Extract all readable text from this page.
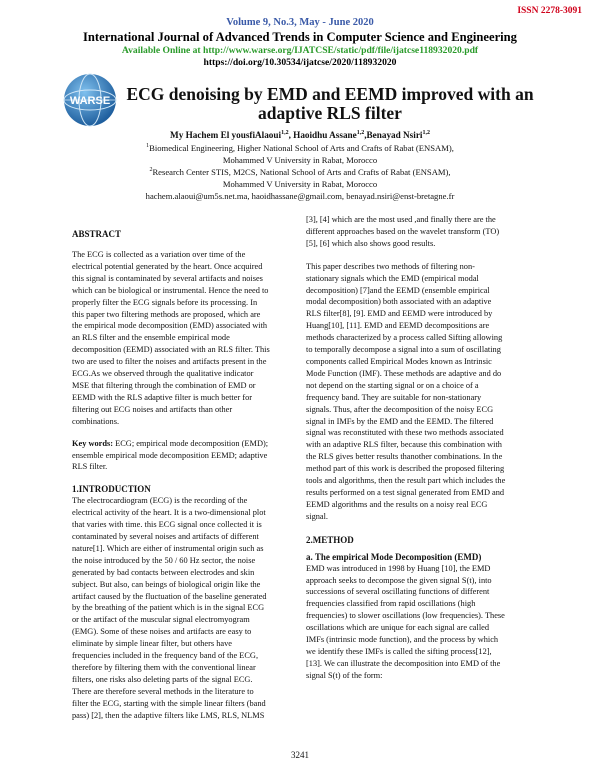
ISSN 2278-3091
Volume 9, No.3, May - June 2020
International Journal of Advanced Trends in Computer Science and Engineering
Available Online at http://www.warse.org/IJATCSE/static/pdf/file/ijatcse118932020.pdf
https://doi.org/10.30534/ijatcse/2020/118932020
WARSE ECG denoising by EMD and EEMD improved with an
adaptive RLS filter
My Hachem El yousfiAlaoui$^{1,2}$, Haoidhu Assane$^{1,2}$,Benayad Nsiri$^{1,2}$
$^1$Biomedical Engineering, Higher National School of Arts and Crafts of Rabat (ENSAM),
Mohammed V University in Rabat, Morocco
$^2$Research Center STIS, M2CS, National School of Arts and Crafts of Rabat (ENSAM),
Mohammed V University in Rabat, Morocco
hachem.alaoui@um5s.net.ma, haoidhassane@gmail.com, benayad.nsiri@enst-bretagne.fr
ABSTRACT
The ECG is collected as a variation over time of the
electrical potential generated by the heart. Once acquired
this signal is contaminated by several artifacts and noises
which can be biological or instrumental. Hence the need to
properly filter the ECG signals before its processing. In
this paper two filtering methods are proposed, which are
the empirical mode decomposition (EMD) associated with
an RLS filter and the ensemble empirical mode
decomposition (EEMD) associated with an RLS filter. This
two are used to filter the noises and artifacts present in the
ECG.As we observed through the qualitative indicator
MSE that filtering through the combination of EMD or
EEMD with the RLS adaptive filter is much better for
filtering out ECG noises and artifacts than other
combinations.
Key words: ECG; empirical mode decomposition (EMD);
ensemble empirical mode decomposition EEMD; adaptive
RLS filter.
1.INTRODUCTION
The electrocardiogram (ECG) is the recording of the
electrical activity of the heart. It is a two-dimensional plot
that varies with time. this ECG signal once collected it is
contaminated by several noises and artifacts of different
nature[1]. Which are either of instrumental origin such as
the noise introduced by the 50 / 60 Hz sector, the noise
generated by bad contacts between electrodes and skin
subject. But also, can beings of biological origin like the
artifact caused by the fluctuation of the baseline generated
by the breathing of the patient which is in the signal ECG
or the artifact of the muscular signal electromyogram
(EMG). Some of these noises and artifacts are easy to
eliminate by simple linear filter, but others have
frequencies included in the frequency band of the ECG,
therefore by filtering them with the conventional linear
filters, one risks also deleting parts of the signal ECG.
There are therefore several methods in the literature to
filter the ECG, starting with the simple linear filters (band
pass) [2], then the adaptive filters like LMS, RLS, NLMS
[3], [4] which are the most used ,and finally there are the
different approaches based on the wavelet transform (TO)
[5], [6] which also shows good results.
This paper describes two methods of filtering non-
stationary signals which the EMD (empirical modal
decomposition) [7]and the EEMD (ensemble empirical
modal decomposition) both associated with an adaptive
RLS filter[8], [9]. EMD and EEMD were introduced by
Huang[10], [11]. EMD and EEMD decompositions are
methods characterized by a process called Sifting allowing
to temporally decompose a signal into a sum of oscillating
components called Empirical Modes known as Intrinsic
Mode Function (IMF). These methods are adaptive and do
not depend on the starting signal or on a choice of a
frequency band. They are suitable for non-stationary
signals. Thus, after the decomposition of the noisy ECG
signal in IMFs by the EMD and the EEMD. The filtered
signal was reconstituted with these two methods associated
with an adaptive RLS filter, because this combination with
the RLS gives better results thanother combinations. In the
method part of this work is described the proposed filtering
tools and algorithms, then the result part which includes the
results performed on a test signal generated from EMD and
EEMD algorithms and the results on a noisy real ECG
signal.
2.METHOD
a. The empirical Mode Decomposition (EMD)
EMD was introduced in 1998 by Huang [10], the EMD
approach seeks to decompose the given signal S(t), into
successions of several oscillating functions of different
frequencies classified from rapid oscillations (high
frequencies) to slower oscillations (low frequencies). These
oscillations which are unique for each signal are called
IMFs (intrinsic mode function), and the process by which
we identify these IMFs is called the sifting process[12],
[13]. We can illustrate the decomposition into EMD of the
signal S(t) of the form:
3241
